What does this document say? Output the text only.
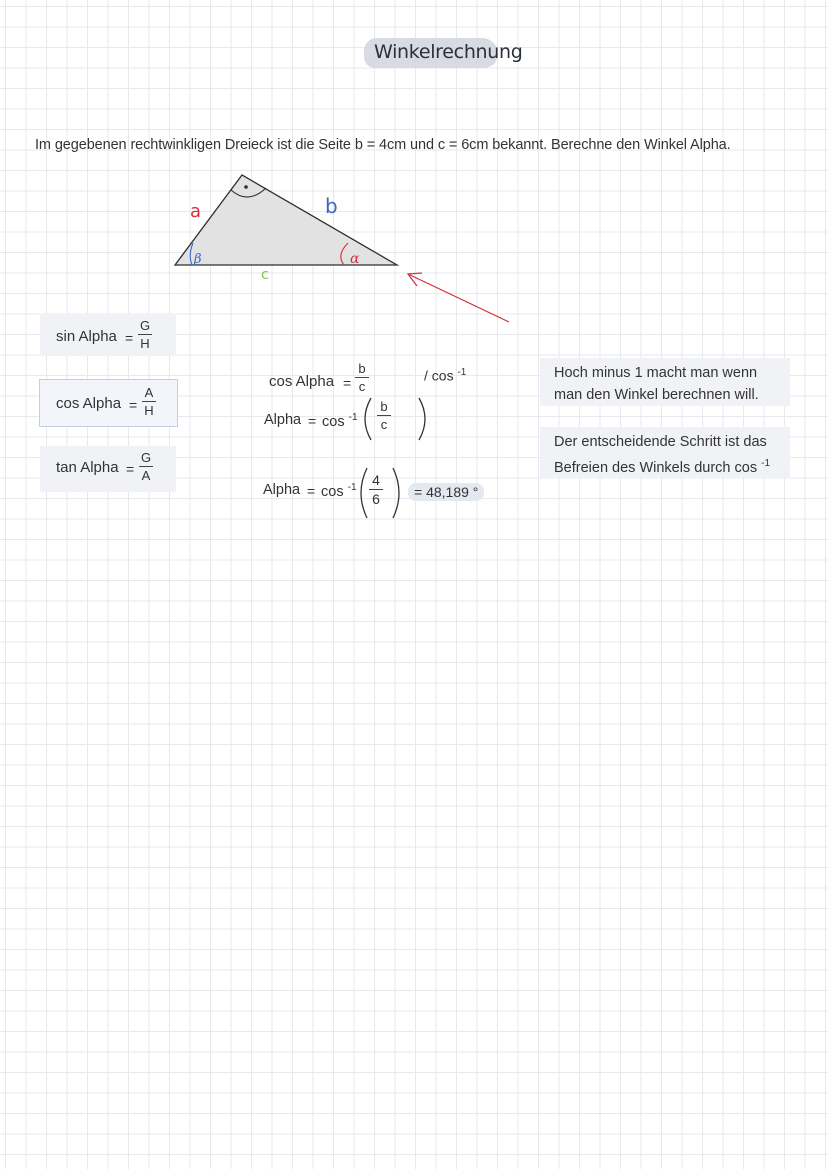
Winkelrechnung
Im gegebenen rechtwinkligen Dreieck ist die Seite b = 4cm und c = 6cm bekannt. Berechne den Winkel Alpha.
a	b
c
β	α
sin Alpha =
G
H
cos Alpha =
A
H
tan Alpha =
G
A
cos Alpha =
b
c
/ cos $^{-1}$
Alpha = cos $^{-1}$
b
c
Alpha = cos $^{-1}$ 4
6	= 48,189 °
Hoch minus 1 macht man wenn
man den Winkel berechnen will.
Der entscheidende Schritt ist das
Befreien des Winkels durch cos $^{-1}$
